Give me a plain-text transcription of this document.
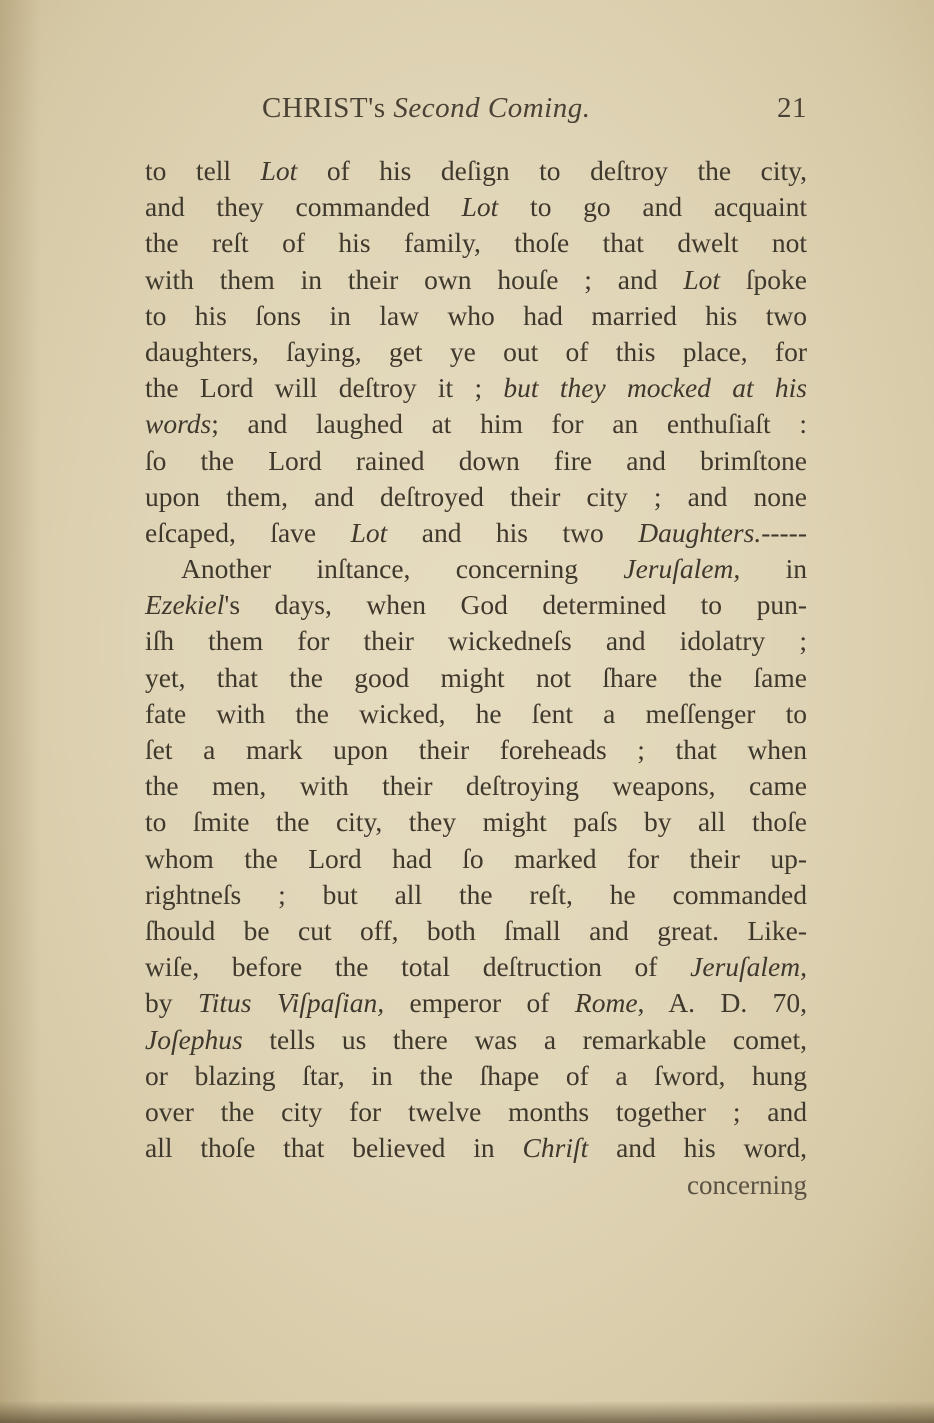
CHRIST's Second Coming.	21
to tell Lot of his deſign to deſtroy the city,
and they commanded Lot to go and acquaint
the reſt of his family, thoſe that dwelt not
with them in their own houſe ; and Lot ſpoke
to his ſons in law who had married his two
daughters, ſaying, get ye out of this place, for
the Lord will deſtroy it ; but they mocked at his
words; and laughed at him for an enthuſiaſt :
ſo the Lord rained down fire and brimſtone
upon them, and deſtroyed their city ; and none
eſcaped, ſave Lot and his two Daughters.-----
Another inſtance, concerning Jeruſalem, in
Ezekiel's days, when God determined to pun-
iſh them for their wickedneſs and idolatry ;
yet, that the good might not ſhare the ſame
fate with the wicked, he ſent a meſſenger to
ſet a mark upon their foreheads ; that when
the men, with their deſtroying weapons, came
to ſmite the city, they might paſs by all thoſe
whom the Lord had ſo marked for their up-
rightneſs ; but all the reſt, he commanded
ſhould be cut off, both ſmall and great. Like-
wiſe, before the total deſtruction of Jeruſalem,
by Titus Viſpaſian, emperor of Rome, A. D. 70,
Joſephus tells us there was a remarkable comet,
or blazing ſtar, in the ſhape of a ſword, hung
over the city for twelve months together ; and
all thoſe that believed in Chriſt and his word,
concerning
